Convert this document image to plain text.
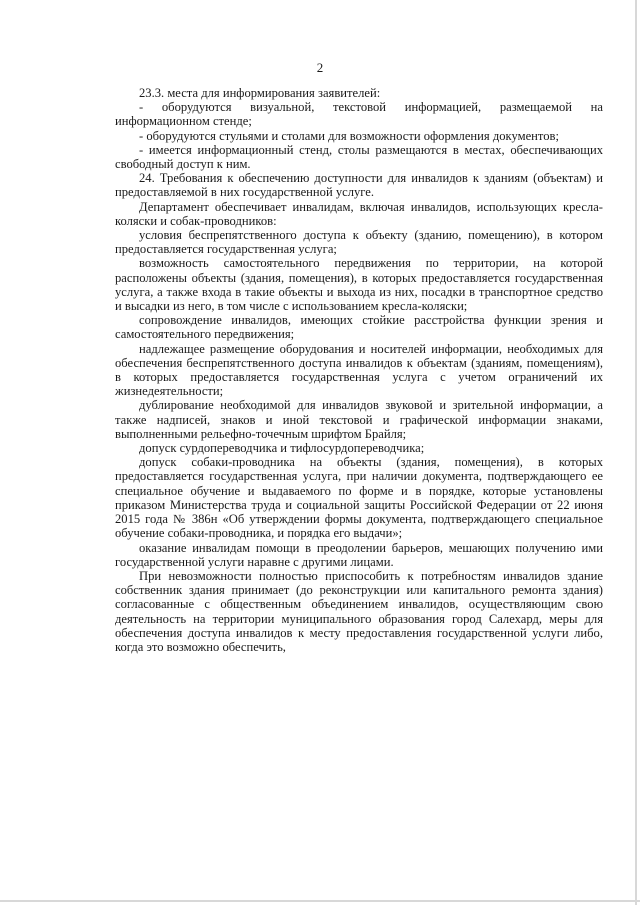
2

23.3. места для информирования заявителей:

- оборудуются визуальной, текстовой информацией, размещаемой на информационном стенде;

- оборудуются стульями и столами для возможности оформления документов;

- имеется информационный стенд, столы размещаются в местах, обеспечивающих свободный доступ к ним.

24. Требования к обеспечению доступности для инвалидов к зданиям (объектам) и предоставляемой в них государственной услуге.

Департамент обеспечивает инвалидам, включая инвалидов, использующих кресла-коляски и собак-проводников:

условия беспрепятственного доступа к объекту (зданию, помещению), в котором предоставляется государственная услуга;

возможность самостоятельного передвижения по территории, на которой расположены объекты (здания, помещения), в которых предоставляется государственная услуга, а также входа в такие объекты и выхода из них, посадки в транспортное средство и высадки из него, в том числе с использованием кресла-коляски;

сопровождение инвалидов, имеющих стойкие расстройства функции зрения и самостоятельного передвижения;

надлежащее размещение оборудования и носителей информации, необходимых для обеспечения беспрепятственного доступа инвалидов к объектам (зданиям, помещениям), в которых предоставляется государственная услуга с учетом ограничений их жизнедеятельности;

дублирование необходимой для инвалидов звуковой и зрительной информации, а также надписей, знаков и иной текстовой и графической информации знаками, выполненными рельефно-точечным шрифтом Брайля;

допуск сурдопереводчика и тифлосурдопереводчика;

допуск собаки-проводника на объекты (здания, помещения), в которых предоставляется государственная услуга, при наличии документа, подтверждающего ее специальное обучение и выдаваемого по форме и в порядке, которые установлены приказом Министерства труда и социальной защиты Российской Федерации от 22 июня 2015 года № 386н «Об утверждении формы документа, подтверждающего специальное обучение собаки-проводника, и порядка его выдачи»;

оказание инвалидам помощи в преодолении барьеров, мешающих получению ими государственной услуги наравне с другими лицами.

При невозможности полностью приспособить к потребностям инвалидов здание собственник здания принимает (до реконструкции или капитального ремонта здания) согласованные с общественным объединением инвалидов, осуществляющим свою деятельность на территории муниципального образования город Салехард, меры для обеспечения доступа инвалидов к месту предоставления государственной услуги либо, когда это возможно обеспечить,
